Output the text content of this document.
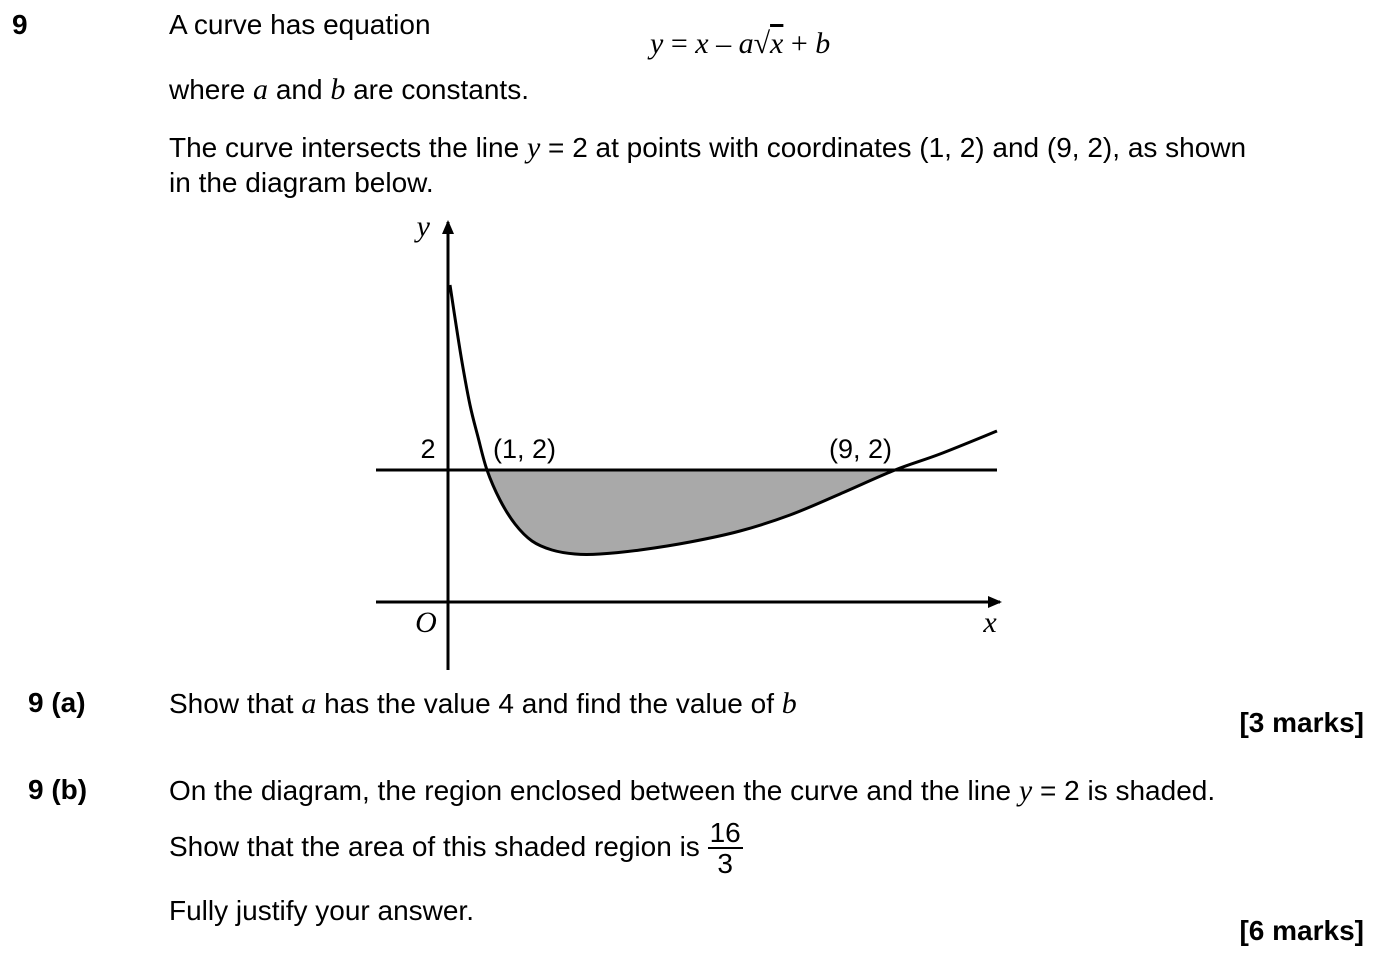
9	A curve has equation
y = x – a√x + b
where a and b are constants.
The curve intersects the line y = 2 at points with coordinates (1, 2) and (9, 2), as shown
in the diagram below.
y
x
O
2 (1, 2)	(9, 2)
9 (a)	Show that a has the value 4 and find the value of b
[3 marks]
9 (b)	On the diagram, the region enclosed between the curve and the line y = 2 is shaded.
Show that the area of this shaded region is $\frac{16}{3}$
Fully justify your answer.
[6 marks]
